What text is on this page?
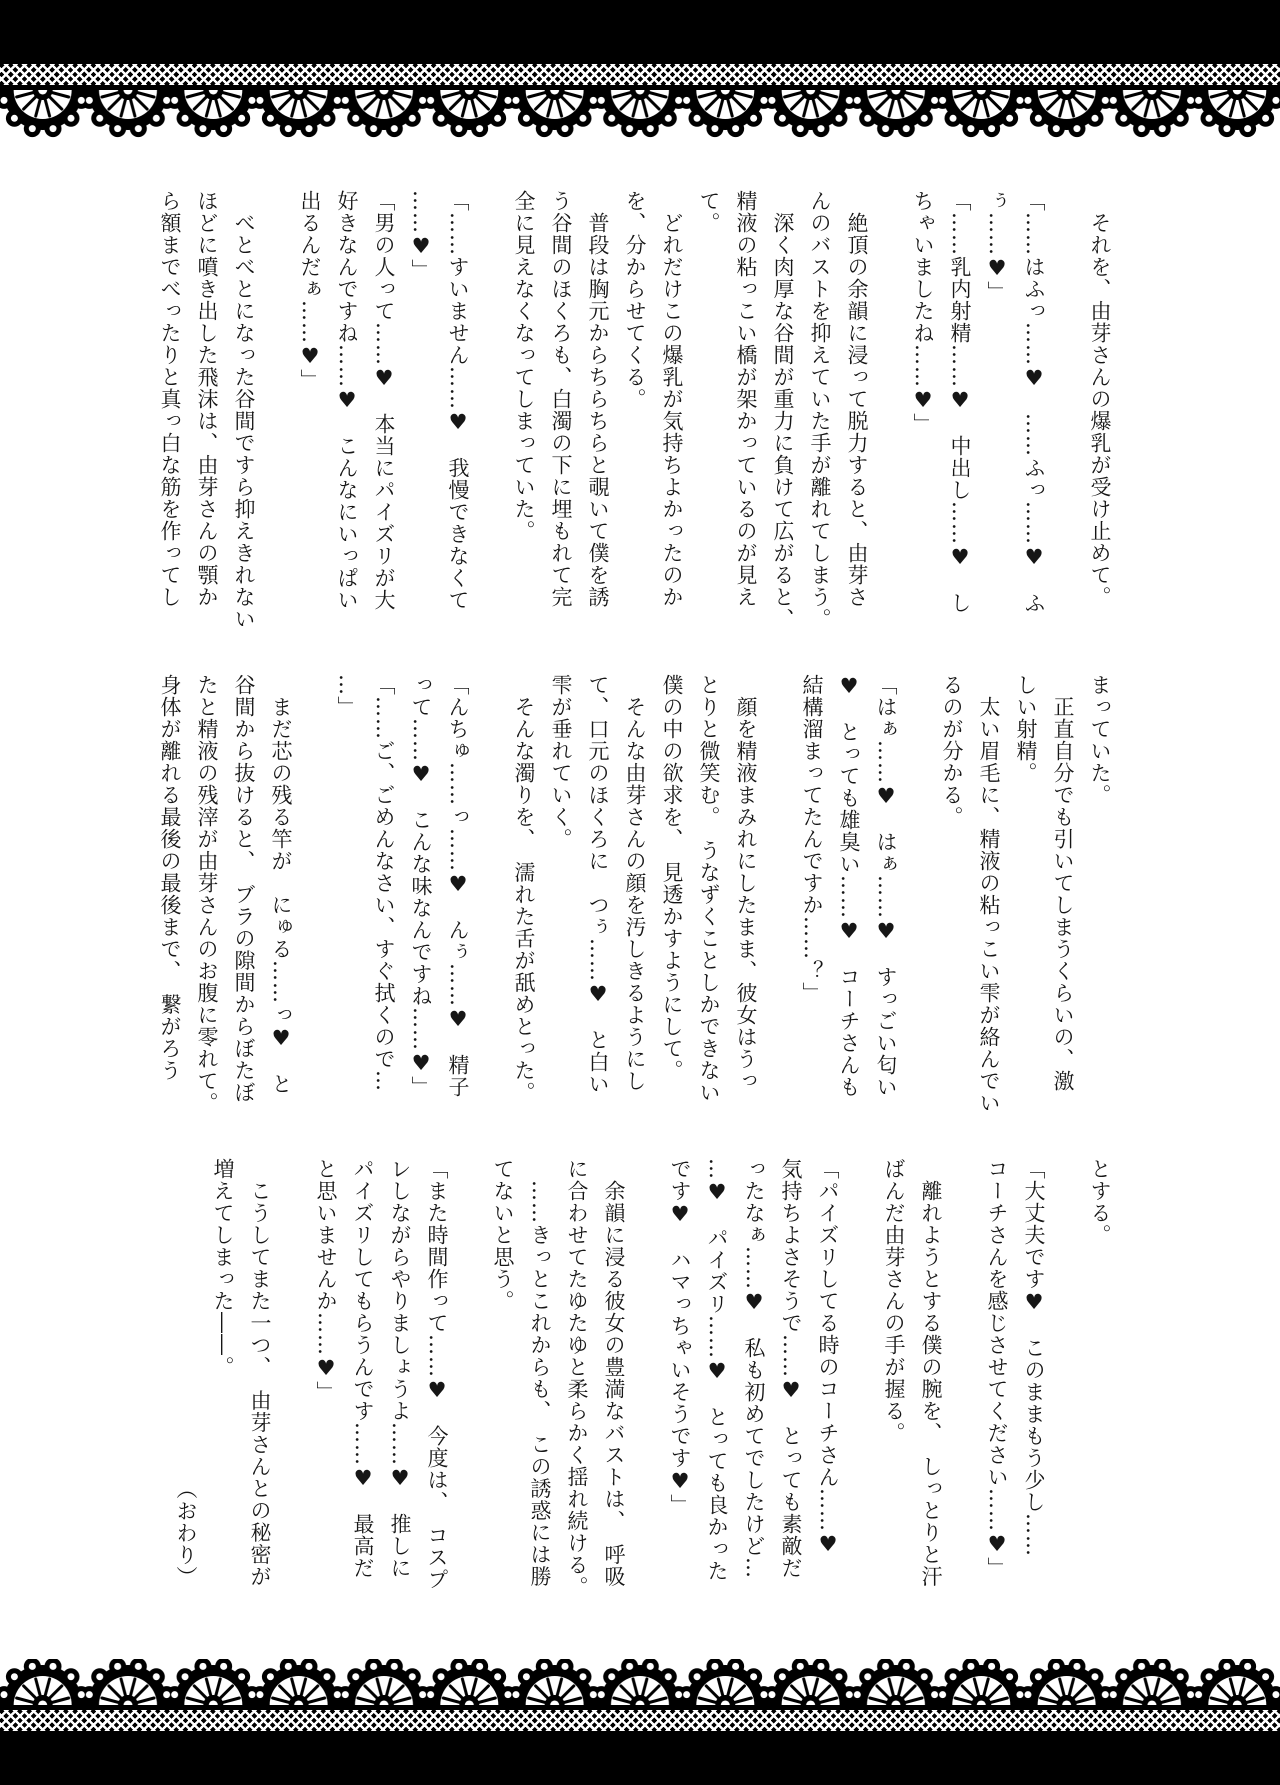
それを、由芽さんの爆乳が受け止めて。
「……はふっ……♥　……ふっ……♥　ふ
ぅ……♥」
「……乳内射精……♥　中出し……♥　し
ちゃいましたね……♥」
絶頂の余韻に浸って脱力すると、由芽さ
んのバストを抑えていた手が離れてしまう。
深く肉厚な谷間が重力に負けて広がると、
精液の粘っこい橋が架かっているのが見え
て。
どれだけこの爆乳が気持ちよかったのか
を、分からせてくる。
普段は胸元からちらちらと覗いて僕を誘
う谷間のほくろも、白濁の下に埋もれて完
全に見えなくなってしまっていた。
「……すいません……♥　我慢できなくて
……♥」
「男の人って……♥　本当にパイズリが大
好きなんですね……♥　こんなにいっぱい
出るんだぁ……♥」
べとべとになった谷間ですら抑えきれない
ほどに噴き出した飛沫は、由芽さんの顎か
ら額までべったりと真っ白な筋を作ってし
まっていた。
正直自分でも引いてしまうくらいの、激
しい射精。
太い眉毛に、精液の粘っこい雫が絡んでい
るのが分かる。
「はぁ……♥　はぁ……♥　すっごい匂い
♥　とっても雄臭い……♥　コーチさんも
結構溜まってたんですか……？」
顔を精液まみれにしたまま、彼女はうっ
とりと微笑む。　うなずくことしかできない
僕の中の欲求を、　見透かすようにして。
そんな由芽さんの顔を汚しきるようにし
て、口元のほくろに　つぅ……♥　と白い
雫が垂れていく。
そんな濁りを、　濡れた舌が舐めとった。
「んちゅ……っ……♥　んぅ……♥　精子
って……♥　こんな味なんですね……♥」
「……ご、ごめんなさい、すぐ拭くので…
…」
まだ芯の残る竿が　にゅる……っ♥　と
谷間から抜けると、　ブラの隙間からぼたぼ
たと精液の残滓が由芽さんのお腹に零れて。
身体が離れる最後の最後まで、　繋がろう
とする。
「大丈夫です♥　このままもう少し……
コーチさんを感じさせてください……♥」
離れようとする僕の腕を、　しっとりと汗
ばんだ由芽さんの手が握る。
「パイズリしてる時のコーチさん……♥
気持ちよさそうで……♥　とっても素敵だ
ったなぁ……♥　私も初めてでしたけど…
…♥　パイズリ……♥　とっても良かった
です♥　ハマっちゃいそうです♥」
余韻に浸る彼女の豊満なバストは、　呼吸
に合わせてたゆたゆと柔らかく揺れ続ける。
……きっとこれからも、　この誘惑には勝
てないと思う。
「また時間作って……♥　今度は、　コスプ
レしながらやりましょうよ……♥　推しに
パイズリしてもらうんです……♥　最高だ
と思いませんか……♥」
こうしてまた一つ、　由芽さんとの秘密が
増えてしまった――。
（おわり）
